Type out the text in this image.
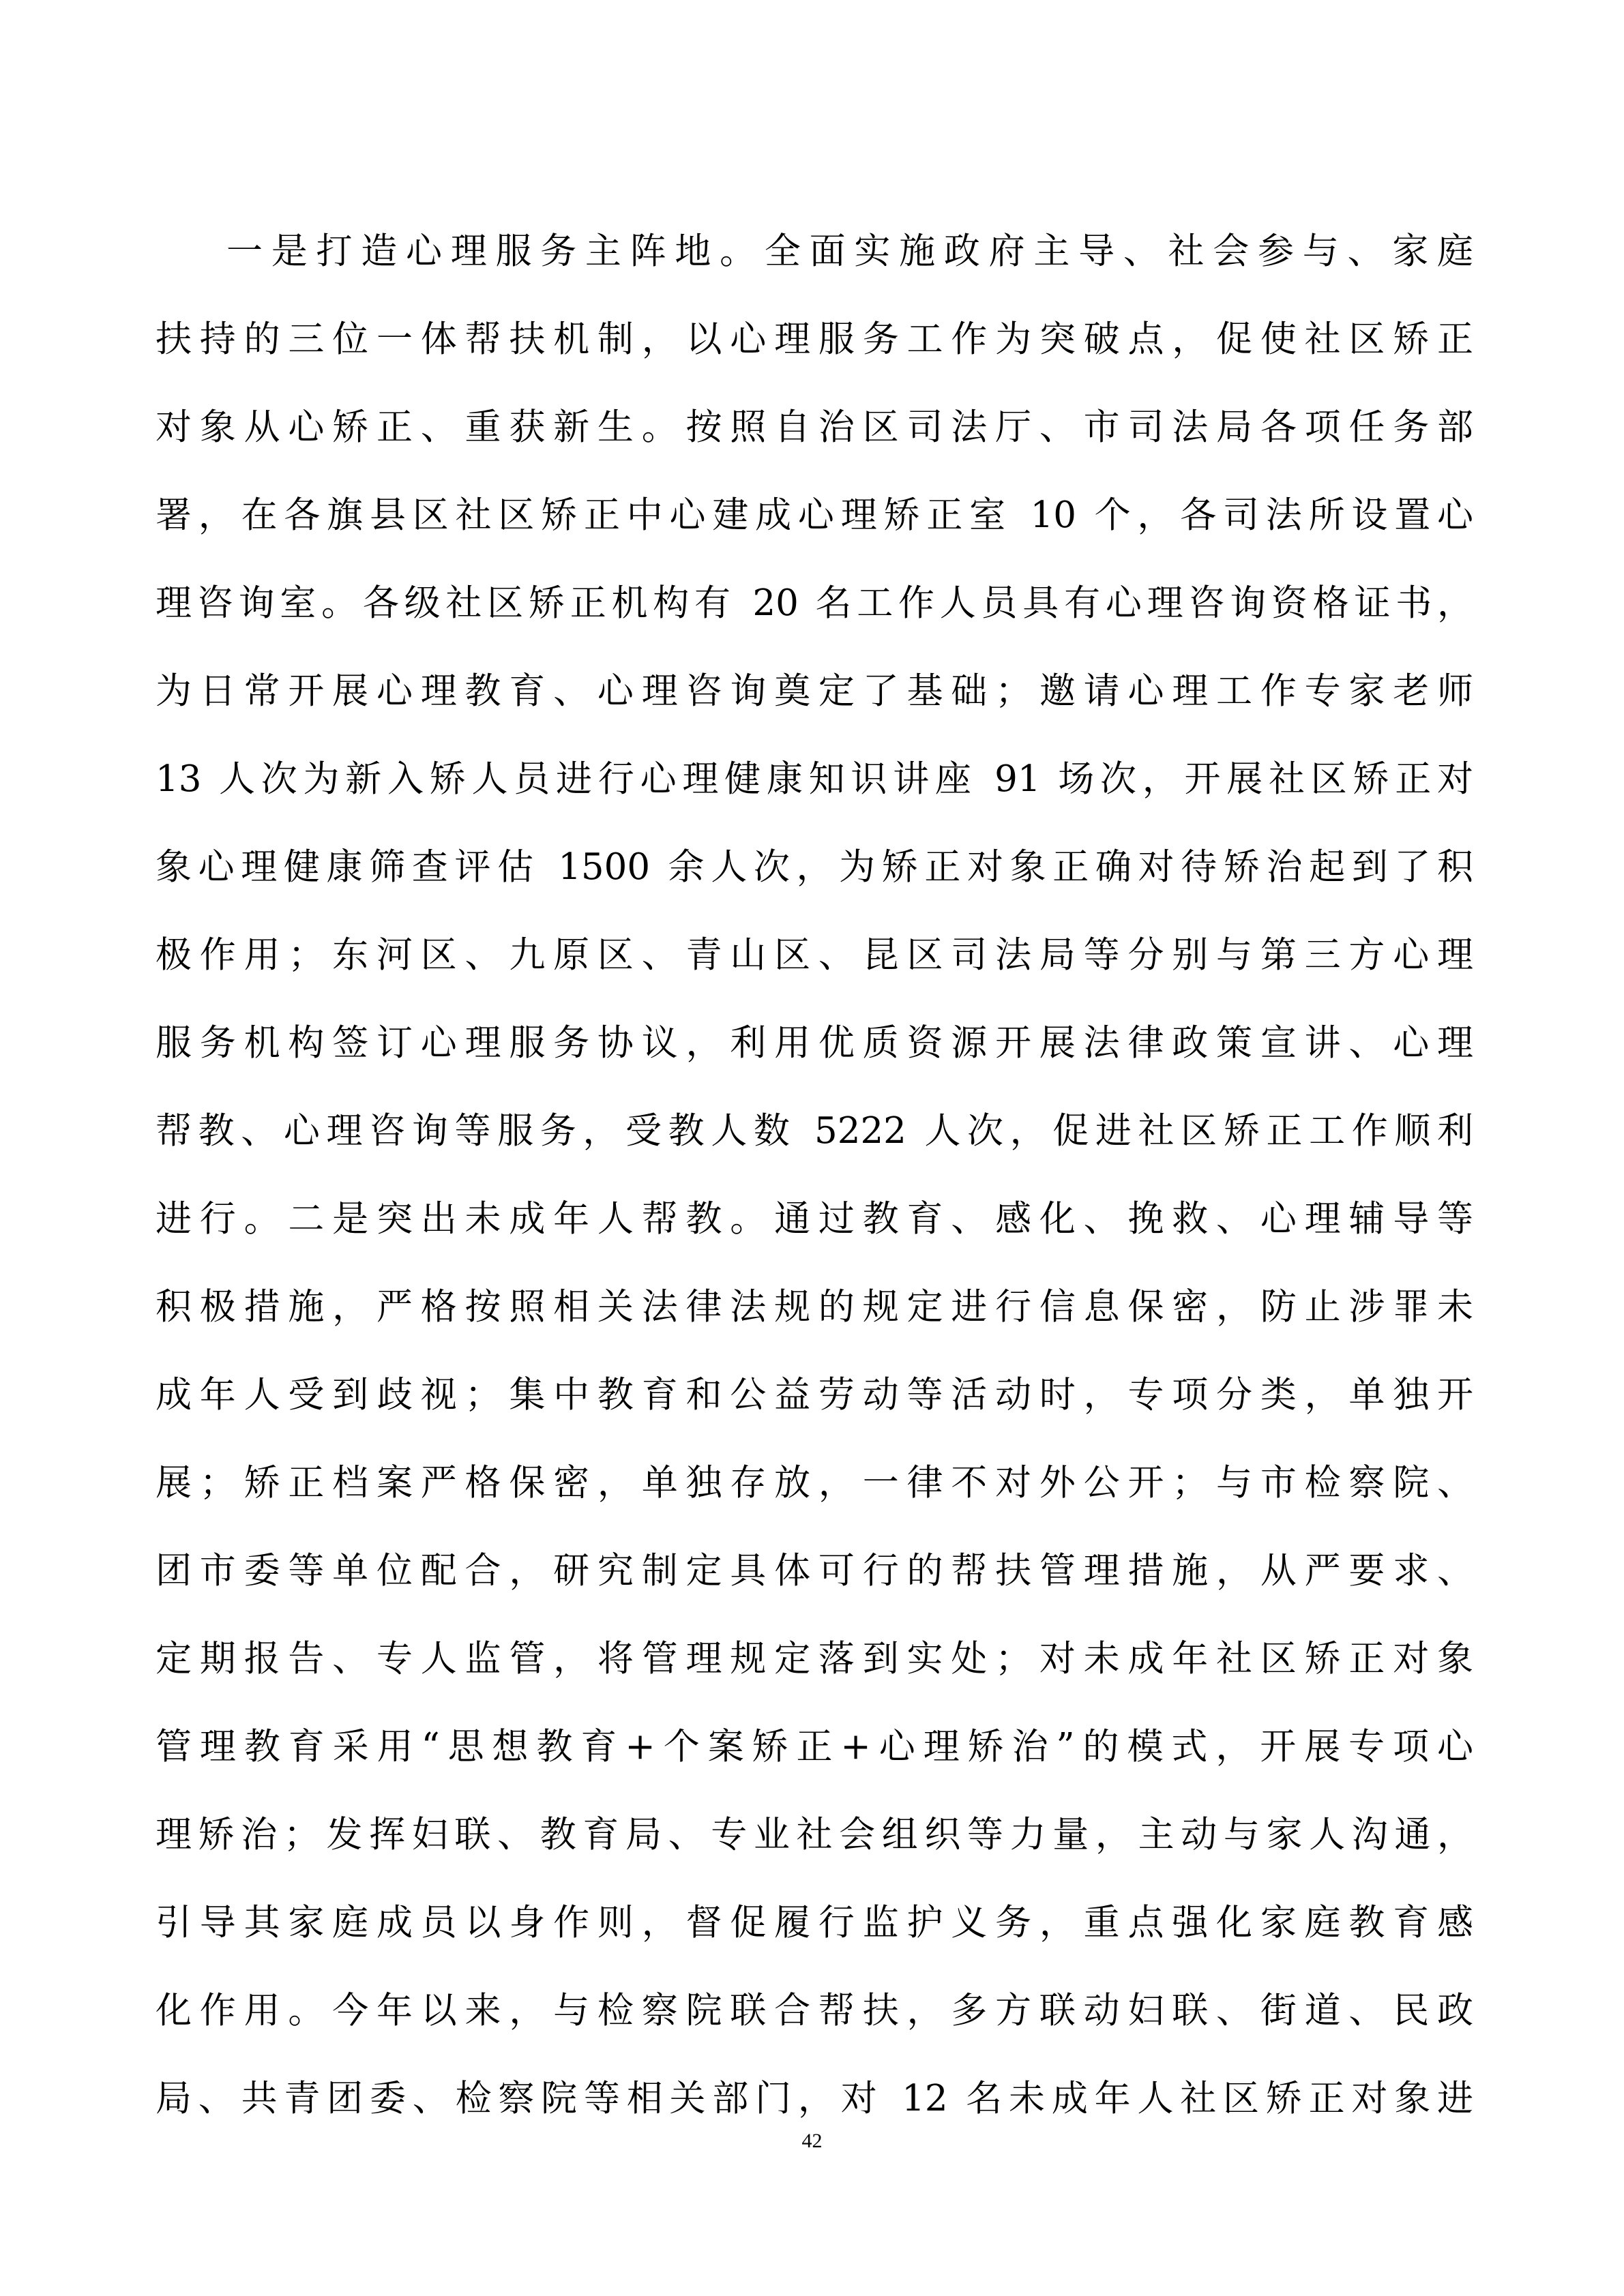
一是打造心理服务主阵地。全面实施政府主导、社会参与、家庭
扶持的三位一体帮扶机制，以心理服务工作为突破点，促使社区矫正
对象从心矫正、重获新生。按照自治区司法厅、市司法局各项任务部
署，在各旗县区社区矫正中心建成心理矫正室 10 个，各司法所设置心
理咨询室。各级社区矫正机构有 20 名工作人员具有心理咨询资格证书，
为日常开展心理教育、心理咨询奠定了基础；邀请心理工作专家老师
13 人次为新入矫人员进行心理健康知识讲座 91 场次，开展社区矫正对
象心理健康筛查评估 1500 余人次，为矫正对象正确对待矫治起到了积
极作用；东河区、九原区、青山区、昆区司法局等分别与第三方心理
服务机构签订心理服务协议，利用优质资源开展法律政策宣讲、心理
帮教、心理咨询等服务，受教人数 5222 人次，促进社区矫正工作顺利
进行。二是突出未成年人帮教。通过教育、感化、挽救、心理辅导等
积极措施，严格按照相关法律法规的规定进行信息保密，防止涉罪未
成年人受到歧视；集中教育和公益劳动等活动时，专项分类，单独开
展；矫正档案严格保密，单独存放，一律不对外公开；与市检察院、
团市委等单位配合，研究制定具体可行的帮扶管理措施，从严要求、
定期报告、专人监管，将管理规定落到实处；对未成年社区矫正对象
管理教育采用“思想教育+个案矫正+心理矫治”的模式，开展专项心
理矫治；发挥妇联、教育局、专业社会组织等力量，主动与家人沟通，
引导其家庭成员以身作则，督促履行监护义务，重点强化家庭教育感
化作用。今年以来，与检察院联合帮扶，多方联动妇联、街道、民政
局、共青团委、检察院等相关部门，对 12 名未成年人社区矫正对象进
42
